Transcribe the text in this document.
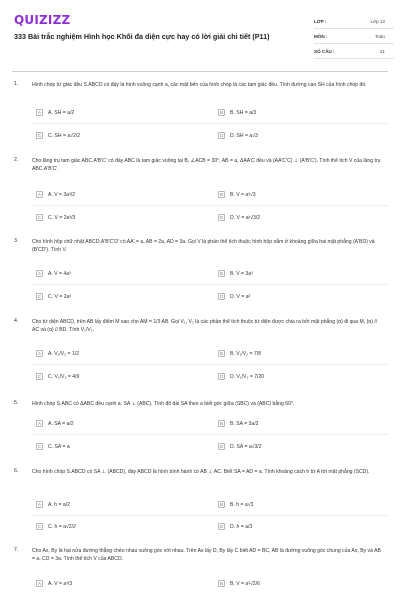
QUIZIZZ
333 Bài trắc nghiệm Hình học Khối đa diện cực hay có lời giải chi tiết (P11)
LỚP :	Lớp 12
MÔN :	Toán
SỐ CÂU :	21
1.	Hình chóp tứ giác đều S.ABCD có đáy là hình vuông cạnh a, các mặt bên của hình chóp là các tam giác đều. Tính đường cao SH của hình chóp đó.
A	A. SH = a/2	B	B. SH = a/3
C	C. SH = a√2/2	D	D. SH = a√3
2.	Cho lăng trụ tam giác ABC.A'B'C' có đáy ABC là tam giác vuông tại B, ∠ACB = 30°, AB = a, ΔAA'C đều và (AA'C'C) ⊥ (A'B'C'). Tính thể tích V của lăng trụ ABC.A'B'C'.
A	A. V = 3a³/2	B	B. V = a³√3
C	C. V = 2a³/3	D	D. V = a³√3/2
3.	Cho hình hộp chữ nhật ABCD.A'B'C'D' có AA' = a, AB = 2a, AD = 3a. Gọi V là phần thể tích thuộc hình hộp nằm ở khoảng giữa hai mặt phẳng (A'BD) và (B'CD'). Tính V.
A	A. V = 4a³	B	B. V = 3a³
C	C. V = 2a³	D	D. V = a³
4.	Cho tứ diện ABCD, trên AB lấy điểm M sao cho AM = 1/3 AB. Gọi V₁, V₂ là các phần thể tích thuộc tứ diện được chia ra bởi mặt phẳng (α) đi qua M, (α) // AC và (α) // BD. Tính V₁/V₂.
A	A. V₁/V₂ = 1/2	B	B. V₁/V₂ = 7/8
C	C. V₁/V₂ = 4/9	D	D. V₁/V₂ = 7/20
5.	Hình chóp S.ABC có ΔABC đều cạnh a. SA ⊥ (ABC). Tính độ dài SA theo a biết góc giữa (SBC) và (ABC) bằng 60°.
A	A. SA = a/2	B	B. SA = 3a/2
C	C. SA = a	D	D. SA = a√3/2
6.	Cho hình chóp S.ABCD có SA ⊥ (ABCD), đáy ABCD là hình bình hành có AB ⊥ AC. Biết SA = AD = a. Tính khoảng cách h từ A tới mặt phẳng (SCD).
A	A. h = a/2	B	B. h = a√3
C	C. h = a√2/2	D	D. h = a/3
7.	Cho Ax, By là hai nửa đường thẳng chéo nhau vuông góc với nhau. Trên Ax lấy D, By lấy C biết AD = BC, AB là đường vuông góc chung của Ax, By và AB = a, CD = 3a. Tính thể tích V của ABCD.
A	A. V = a³/3	B	B. V = a³√2/6
